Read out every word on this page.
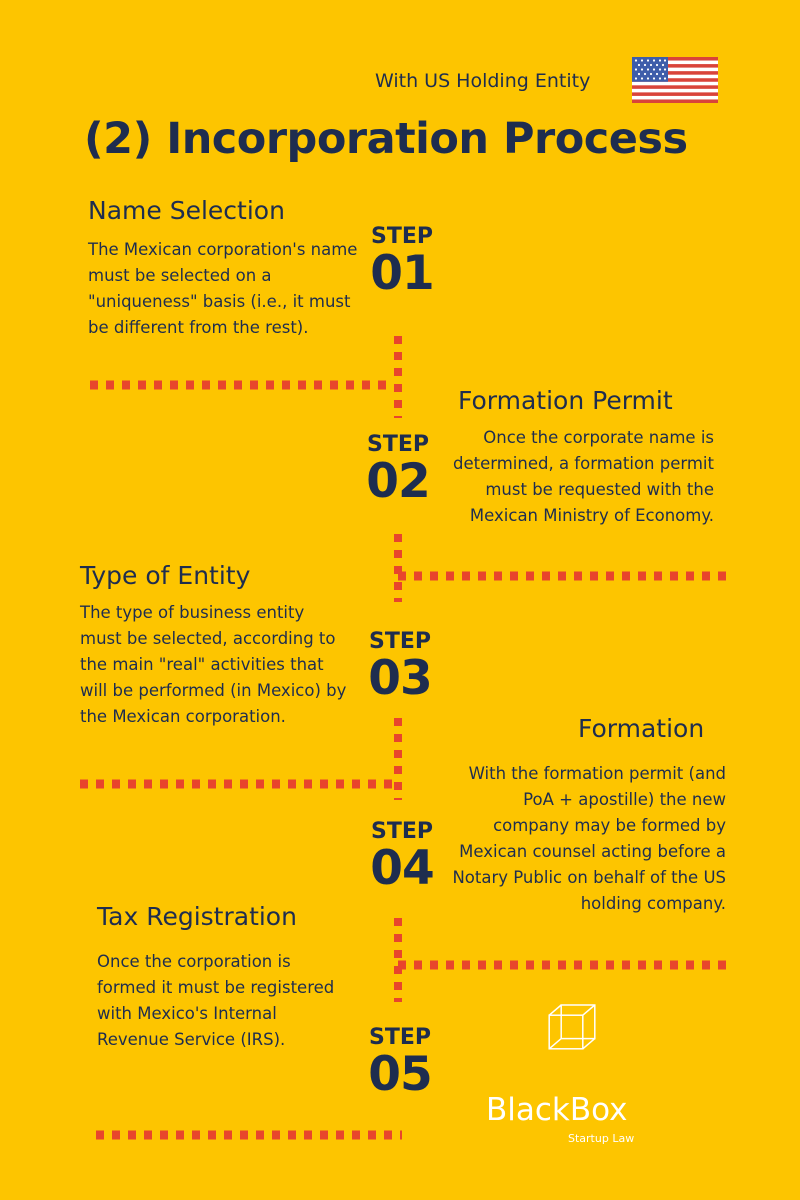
With US Holding Entity
(2) Incorporation Process
Name Selection
The Mexican corporation's name must be selected on a "uniqueness" basis (i.e., it must be different from the rest).
STEP
01
Formation Permit
Once the corporate name is determined, a formation permit must be requested with the Mexican Ministry of Economy.
STEP
02
Type of Entity
The type of business entity must be selected, according to the main "real" activities that will be performed (in Mexico) by the Mexican corporation.
STEP
03
Formation
With the formation permit (and PoA + apostille) the new company may be formed by Mexican counsel acting before a Notary Public on behalf of the US holding company.
STEP
04
Tax Registration
Once the corporation is formed it must be registered with Mexico's Internal Revenue Service (IRS).	STEP
05
BlackBox
Startup Law
